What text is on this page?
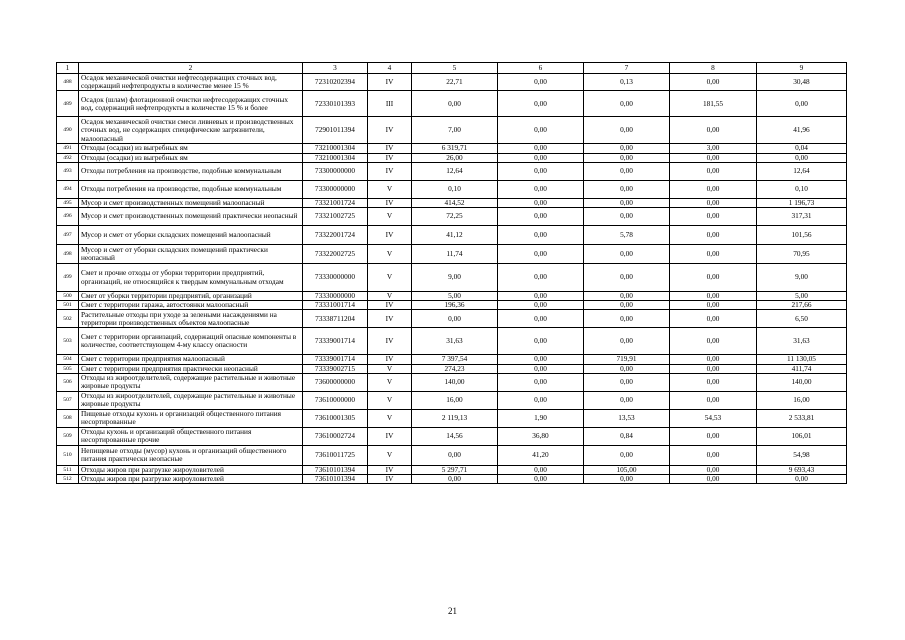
1	2	3	4	5	6	7	8	9
488	Осадок механической очистки нефтесодержащих сточных вод, содержащий нефтепродукты в количестве менее 15 %	72310202394	IV	22,71	0,00	0,13	0,00	30,48
489	Осадок (шлам) флотационной очистки нефтесодержащих сточных вод, содержащий нефтепродукты в количестве 15 % и более	72330101393	III	0,00	0,00	0,00	181,55	0,00
490	Осадок механической очистки смеси ливневых и производственных сточных вод, не содержащих специфические загрязнители, малоопасный	72901011394	IV	7,00	0,00	0,00	0,00	41,96
491	Отходы (осадки) из выгребных ям	73210001304	IV	6 319,71	0,00	0,00	3,00	0,04
492	Отходы (осадки) из выгребных ям	73210001304	IV	26,00	0,00	0,00	0,00	0,00
493	Отходы потребления на производстве, подобные коммунальным	73300000000	IV	12,64	0,00	0,00	0,00	12,64
494	Отходы потребления на производстве, подобные коммунальным	73300000000	V	0,10	0,00	0,00	0,00	0,10
495	Мусор и смет производственных помещений малоопасный	73321001724	IV	414,52	0,00	0,00	0,00	1 196,73
496	Мусор и смет производственных помещений практически неопасный	73321002725	V	72,25	0,00	0,00	0,00	317,31
497	Мусор и смет от уборки складских помещений малоопасный	73322001724	IV	41,12	0,00	5,78	0,00	101,56
498	Мусор и смет от уборки складских помещений практически неопасный	73322002725	V	11,74	0,00	0,00	0,00	70,95
499	Смет и прочие отходы от уборки территории предприятий, организаций, не относящийся к твердым коммунальным отходам	73330000000	V	9,00	0,00	0,00	0,00	9,00
500	Смет от уборки территории предприятий, организаций	73330000000	V	5,00	0,00	0,00	0,00	5,00
501	Смет с территории гаража, автостоянки малоопасный	73331001714	IV	196,36	0,00	0,00	0,00	217,66
502	Растительные отходы при уходе за зелеными насаждениями на территории производственных объектов малоопасные	73338711204	IV	0,00	0,00	0,00	0,00	6,50
503	Смет с территории организаций, содержащий опасные компоненты в количестве, соответствующем 4-му классу опасности	73339001714	IV	31,63	0,00	0,00	0,00	31,63
504	Смет с территории предприятия малоопасный	73339001714	IV	7 397,54	0,00	719,91	0,00	11 130,05
505	Смет с территории предприятия практически неопасный	73339002715	V	274,23	0,00	0,00	0,00	411,74
506	Отходы из жироотделителей, содержащие растительные и животные жировые продукты	73600000000	V	140,00	0,00	0,00	0,00	140,00
507	Отходы из жироотделителей, содержащие растительные и животные жировые продукты	73610000000	V	16,00	0,00	0,00	0,00	16,00
508	Пищевые отходы кухонь и организаций общественного питания несортированные	73610001305	V	2 119,13	1,90	13,53	54,53	2 533,81
509	Отходы кухонь и организаций общественного питания несортированные прочие	73610002724	IV	14,56	36,80	0,84	0,00	106,01
510	Непищевые отходы (мусор) кухонь и организаций общественного питания практически неопасные	73610011725	V	0,00	41,20	0,00	0,00	54,98
511	Отходы жиров при разгрузке жироуловителей	73610101394	IV	5 297,71	0,00	105,00	0,00	9 693,43
512	Отходы жиров при разгрузке жироуловителей	73610101394	IV	0,00	0,00	0,00	0,00	0,00
21
